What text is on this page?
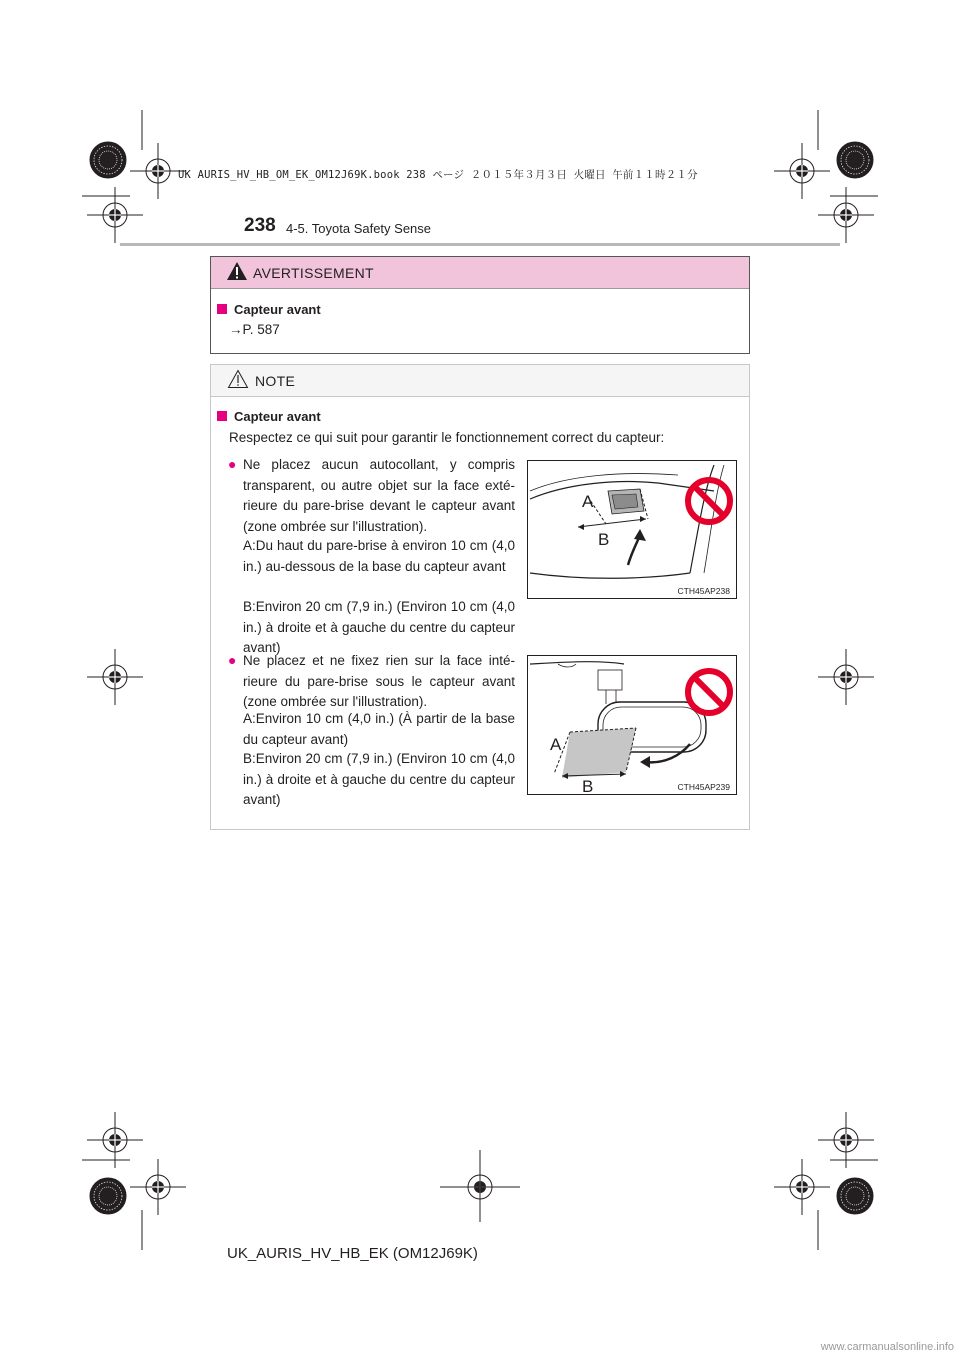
UK AURIS_HV_HB_OM_EK_OM12J69K.book 238 ページ ２０１５年３月３日 火曜日 午前１１時２１分
238 4-5. Toyota Safety Sense
AVERTISSEMENT
Capteur avant
→P. 587
NOTE
Capteur avant
Respectez ce qui suit pour garantir le fonctionnement correct du capteur:
● Ne placez aucun autocollant, y compris transparent, ou autre objet sur la face exté-rieure du pare-brise devant le capteur avant (zone ombrée sur l'illustration).
A:Du haut du pare-brise à environ 10 cm (4,0 in.) au-dessous de la base du capteur avant
B:Environ 20 cm (7,9 in.) (Environ 10 cm (4,0 in.) à droite et à gauche du centre du capteur avant)
A
B
CTH45AP238
● Ne placez et ne fixez rien sur la face inté-rieure du pare-brise sous le capteur avant (zone ombrée sur l'illustration).
A:Environ 10 cm (4,0 in.) (À partir de la base du capteur avant)
B:Environ 20 cm (7,9 in.) (Environ 10 cm (4,0 in.) à droite et à gauche du centre du capteur avant)
A
B	CTH45AP239
UK_AURIS_HV_HB_EK (OM12J69K)
www.carmanualsonline.info
